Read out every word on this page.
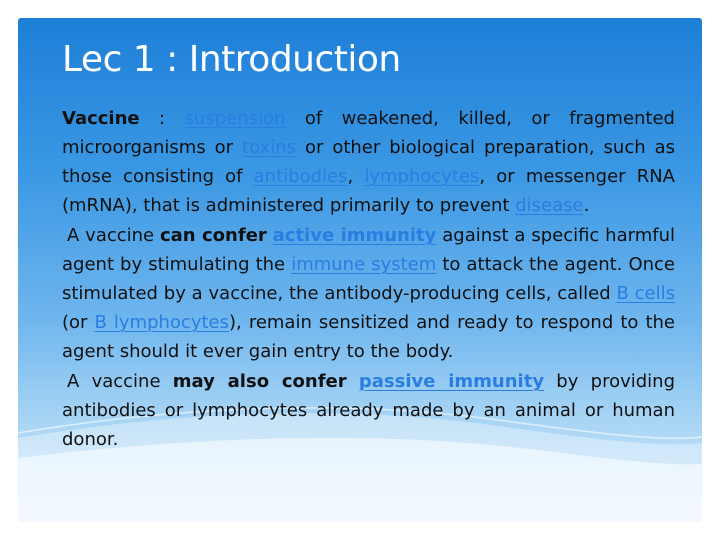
Lec 1 : Introduction

Vaccine : suspension of weakened, killed, or fragmented microorganisms or toxins or other biological preparation, such as those consisting of antibodies, lymphocytes, or messenger RNA (mRNA), that is administered primarily to prevent disease.

A vaccine can confer active immunity against a specific harmful agent by stimulating the immune system to attack the agent. Once stimulated by a vaccine, the antibody-producing cells, called B cells (or B lymphocytes), remain sensitized and ready to respond to the agent should it ever gain entry to the body.

A vaccine may also confer passive immunity by providing antibodies or lymphocytes already made by an animal or human donor.
